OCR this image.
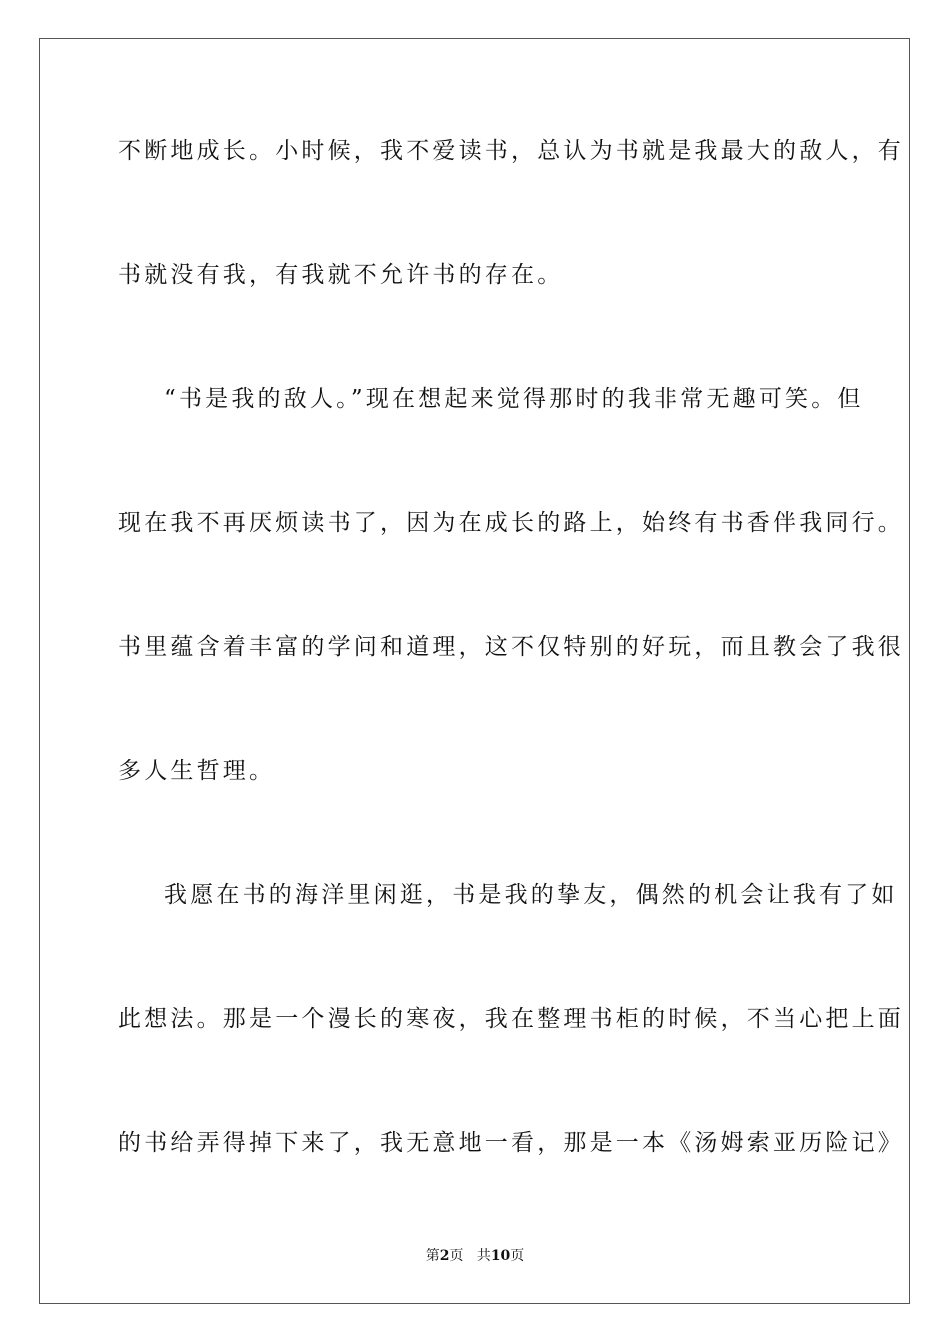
不断地成长。小时候，我不爱读书，总认为书就是我最大的敌人，有
书就没有我，有我就不允许书的存在。
“书是我的敌人。”现在想起来觉得那时的我非常无趣可笑。但
现在我不再厌烦读书了，因为在成长的路上，始终有书香伴我同行。
书里蕴含着丰富的学问和道理，这不仅特别的好玩，而且教会了我很
多人生哲理。
我愿在书的海洋里闲逛，书是我的挚友，偶然的机会让我有了如
此想法。那是一个漫长的寒夜，我在整理书柜的时候，不当心把上面
的书给弄得掉下来了，我无意地一看，那是一本《汤姆索亚历险记》
第2页 共10页
